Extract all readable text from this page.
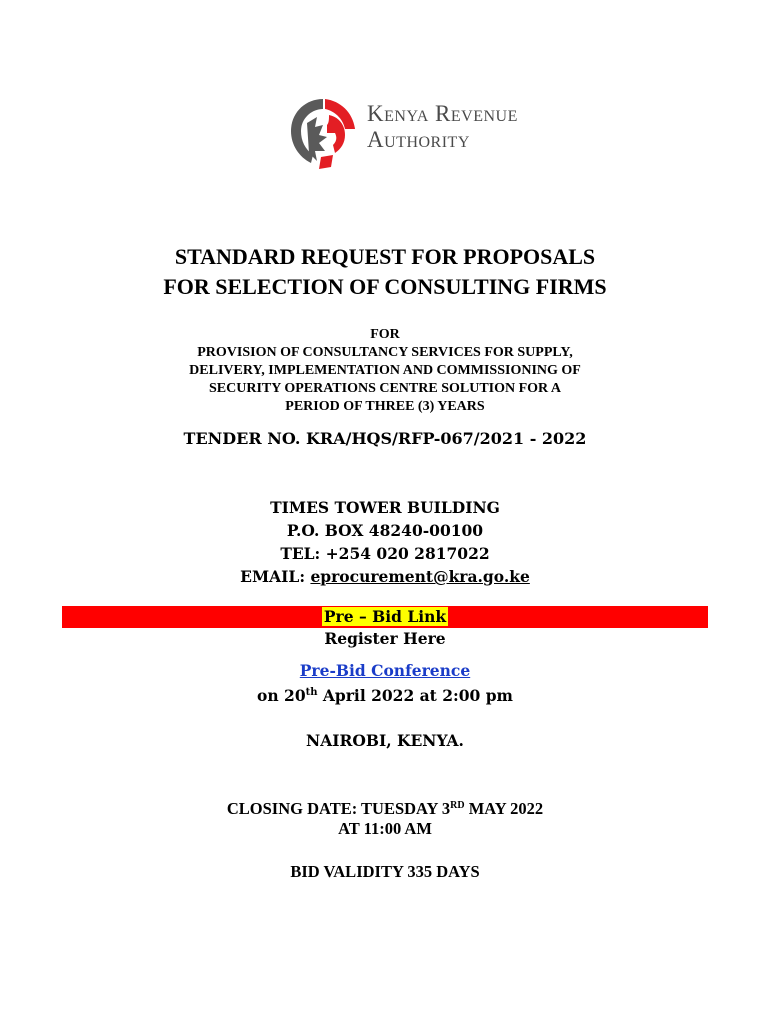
Kenya Revenue
Authority
STANDARD REQUEST FOR PROPOSALS
FOR SELECTION OF CONSULTING FIRMS
FOR
PROVISION OF CONSULTANCY SERVICES FOR SUPPLY,
DELIVERY, IMPLEMENTATION AND COMMISSIONING OF
SECURITY OPERATIONS CENTRE SOLUTION FOR A
PERIOD OF THREE (3) YEARS
TENDER NO. KRA/HQS/RFP-067/2021 - 2022
TIMES TOWER BUILDING
P.O. BOX 48240-00100
TEL: +254 020 2817022
EMAIL: eprocurement@kra.go.ke
Pre – Bid Link
Register Here
Pre-Bid Conference
on 20th April 2022 at 2:00 pm
NAIROBI, KENYA.
CLOSING DATE: TUESDAY 3RD MAY 2022
AT 11:00 AM
BID VALIDITY 335 DAYS
